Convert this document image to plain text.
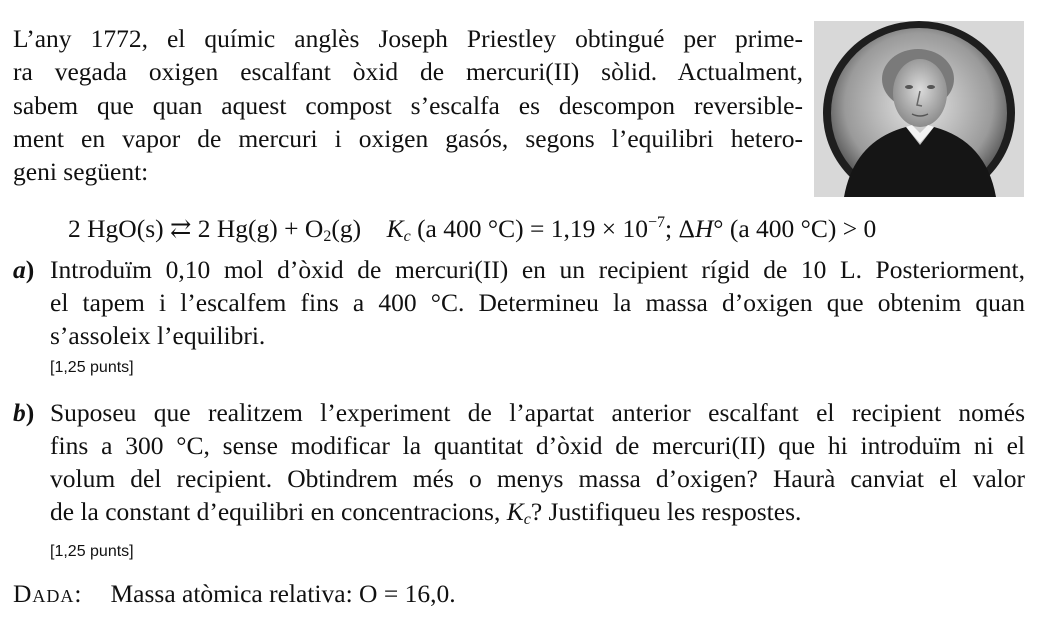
L’any 1772, el químic anglès Joseph Priestley obtingué per prime-
ra vegada oxigen escalfant òxid de mercuri(II) sòlid. Actualment,
sabem que quan aquest compost s’escalfa es descompon reversible-
ment en vapor de mercuri i oxigen gasós, segons l’equilibri hetero-
geni següent:
2 HgO(s) ⇄ 2 $Hg(g) + O_2(g)$ $K_c$ (a 400 $^\circ C) = 1,19 \times 10^{-7}$; ΔH° (a 400 °C) > 0
a) Introduïm 0,10 mol d’òxid de mercuri(II) en un recipient rígid de 10 L. Posteriorment,
el tapem i l’escalfem fins a 400 °C. Determineu la massa d’oxigen que obtenim quan
s’assoleix l’equilibri.
[1,25 punts]
b) Suposeu que realitzem l’experiment de l’apartat anterior escalfant el recipient només
fins a 300 °C, sense modificar la quantitat d’òxid de mercuri(II) que hi introduïm ni el
volum del recipient. Obtindrem més o menys massa d’oxigen? Haurà canviat el valor
de la constant d’equilibri en concentracions, $K_c$? Justifiqueu les respostes.
[1,25 punts]
Dada: Massa atòmica relativa: O = 16,0.
